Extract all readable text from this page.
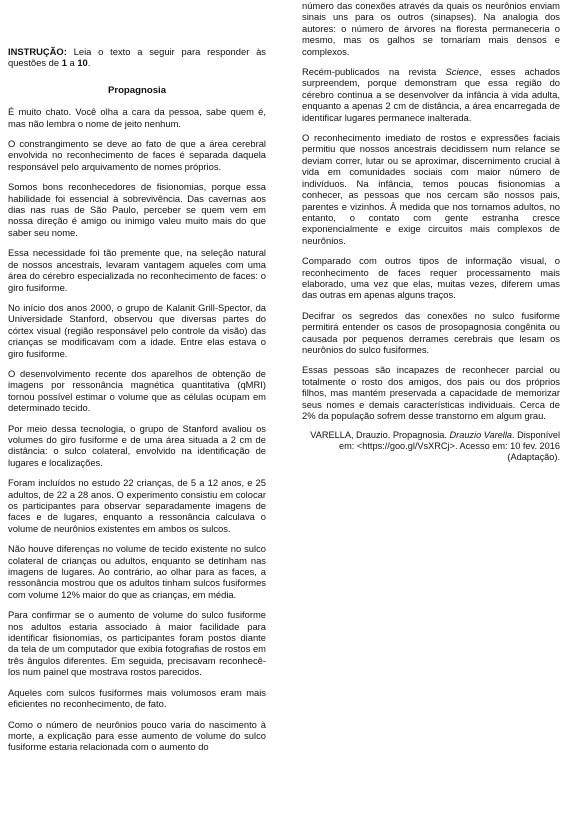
INSTRUÇÃO: Leia o texto a seguir para responder às questões de 1 a 10.

Propagnosia

É muito chato. Você olha a cara da pessoa, sabe quem é, mas não lembra o nome de jeito nenhum.

O constrangimento se deve ao fato de que a área cerebral envolvida no reconhecimento de faces é separada daquela responsável pelo arquivamento de nomes próprios.

Somos bons reconhecedores de fisionomias, porque essa habilidade foi essencial à sobrevivência. Das cavernas aos dias nas ruas de São Paulo, perceber se quem vem em nossa direção é amigo ou inimigo valeu muito mais do que saber seu nome.

Essa necessidade foi tão premente que, na seleção natural de nossos ancestrais, levaram vantagem aqueles com uma área do cérebro especializada no reconhecimento de faces: o giro fusiforme.

No início dos anos 2000, o grupo de Kalanit Grill-Spector, da Universidade Stanford, observou que diversas partes do córtex visual (região responsável pelo controle da visão) das crianças se modificavam com a idade. Entre elas estava o giro fusiforme.

O desenvolvimento recente dos aparelhos de obtenção de imagens por ressonância magnética quantitativa (qMRI) tornou possível estimar o volume que as células ocupam em determinado tecido.

Por meio dessa tecnologia, o grupo de Stanford avaliou os volumes do giro fusiforme e de uma área situada a 2 cm de distância: o sulco colateral, envolvido na identificação de lugares e localizações.

Foram incluídos no estudo 22 crianças, de 5 a 12 anos, e 25 adultos, de 22 a 28 anos. O experimento consistiu em colocar os participantes para observar separadamente imagens de faces e de lugares, enquanto a ressonância calculava o volume de neurônios existentes em ambos os sulcos.

Não houve diferenças no volume de tecido existente no sulco colateral de crianças ou adultos, enquanto se detinham nas imagens de lugares. Ao contrário, ao olhar para as faces, a ressonância mostrou que os adultos tinham sulcos fusiformes com volume 12% maior do que as crianças, em média.

Para confirmar se o aumento de volume do sulco fusiforme nos adultos estaria associado à maior facilidade para identificar fisionomias, os participantes foram postos diante da tela de um computador que exibia fotografias de rostos em três ângulos diferentes. Em seguida, precisavam reconhecê-los num painel que mostrava rostos parecidos.

Aqueles com sulcos fusiformes mais volumosos eram mais eficientes no reconhecimento, de fato.

Como o número de neurônios pouco varia do nascimento à morte, a explicação para esse aumento de volume do sulco fusiforme estaria relacionada com o aumento do

número das conexões através da quais os neurônios enviam sinais uns para os outros (sinapses). Na analogia dos autores: o número de árvores na floresta permaneceria o mesmo, mas os galhos se tornariam mais densos e complexos.

Recém-publicados na revista Science, esses achados surpreendem, porque demonstram que essa região do cérebro continua a se desenvolver da infância à vida adulta, enquanto a apenas 2 cm de distância, a área encarregada de identificar lugares permanece inalterada.

O reconhecimento imediato de rostos e expressões faciais permitiu que nossos ancestrais decidissem num relance se deviam correr, lutar ou se aproximar, discernimento crucial à vida em comunidades sociais com maior número de indivíduos. Na infância, temos poucas fisionomias a conhecer, as pessoas que nos cercam são nossos pais, parentes e vizinhos. À medida que nos tornamos adultos, no entanto, o contato com gente estranha cresce exponencialmente e exige circuitos mais complexos de neurônios.

Comparado com outros tipos de informação visual, o reconhecimento de faces requer processamento mais elaborado, uma vez que elas, muitas vezes, diferem umas das outras em apenas alguns traços.

Decifrar os segredos das conexões no sulco fusiforme permitirá entender os casos de prosopagnosia congênita ou causada por pequenos derrames cerebrais que lesam os neurônios do sulco fusiformes.

Essas pessoas são incapazes de reconhecer parcial ou totalmente o rosto dos amigos, dos pais ou dos próprios filhos, mas mantém preservada a capacidade de memorizar seus nomes e demais características individuais. Cerca de 2% da população sofrem desse transtorno em algum grau.

VARELLA, Drauzio. Propagnosia. Drauzio Varella. Disponível em: <https://goo.gl/VsXRCj>. Acesso em: 10 fev. 2016 (Adaptação).
